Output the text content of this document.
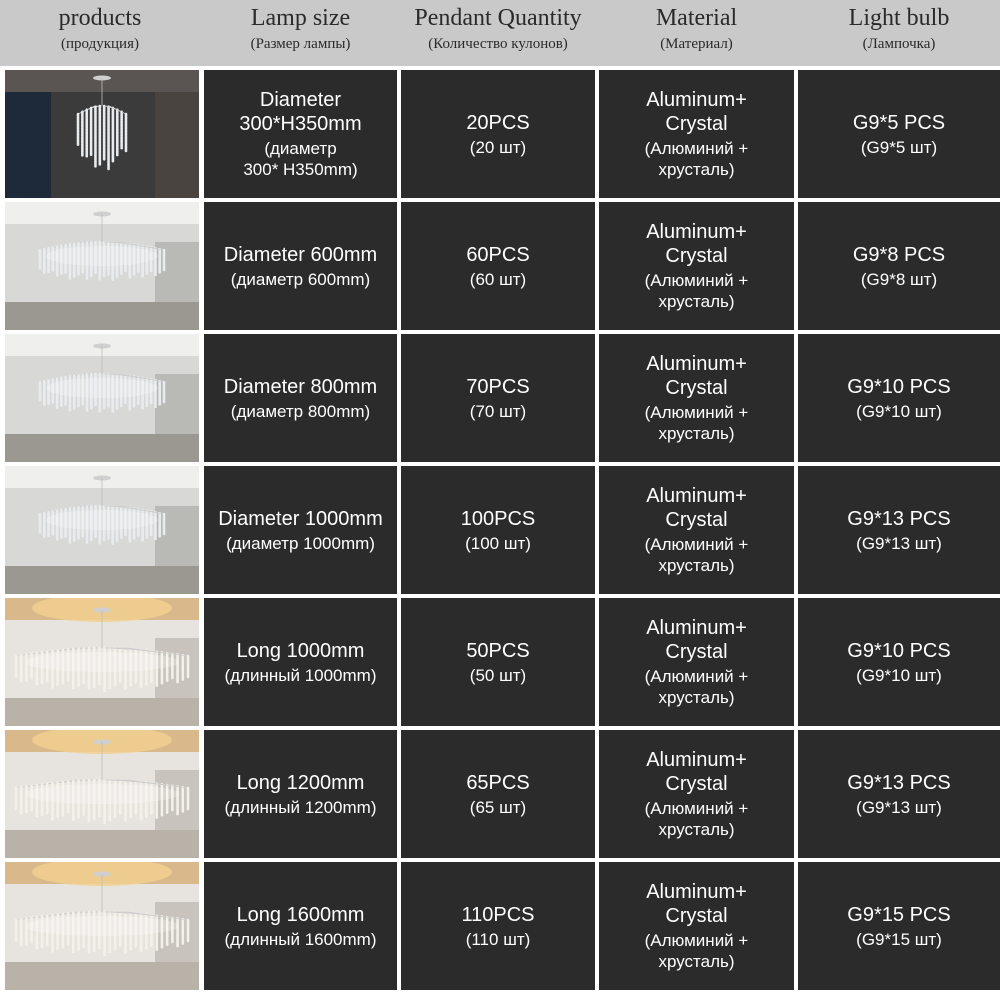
products
(продукция)
Lamp size
(Размер лампы)
Pendant Quantity
(Количество кулонов)
Material
(Материал)
Light bulb
(Лампочка)
Diameter
300*H350mm
(диаметр
300* H350mm)
20PCS
(20 шт)
Aluminum+
Crystal
(Алюминий +
хрусталь)
G9*5 PCS
(G9*5 шт)
Diameter 600mm
(диаметр 600mm)
60PCS
(60 шт)
Aluminum+
Crystal
(Алюминий +
хрусталь)
G9*8 PCS
(G9*8 шт)
Diameter 800mm
(диаметр 800mm)
70PCS
(70 шт)
Aluminum+
Crystal
(Алюминий +
хрусталь)
G9*10 PCS
(G9*10 шт)
Diameter 1000mm
(диаметр 1000mm)
100PCS
(100 шт)
Aluminum+
Crystal
(Алюминий +
хрусталь)
G9*13 PCS
(G9*13 шт)
Long 1000mm
(длинный 1000mm)
50PCS
(50 шт)
Aluminum+
Crystal
(Алюминий +
хрусталь)
G9*10 PCS
(G9*10 шт)
Long 1200mm
(длинный 1200mm)
65PCS
(65 шт)
Aluminum+
Crystal
(Алюминий +
хрусталь)
G9*13 PCS
(G9*13 шт)
Long 1600mm
(длинный 1600mm)
110PCS
(110 шт)
Aluminum+
Crystal
(Алюминий +
хрусталь)
G9*15 PCS
(G9*15 шт)
